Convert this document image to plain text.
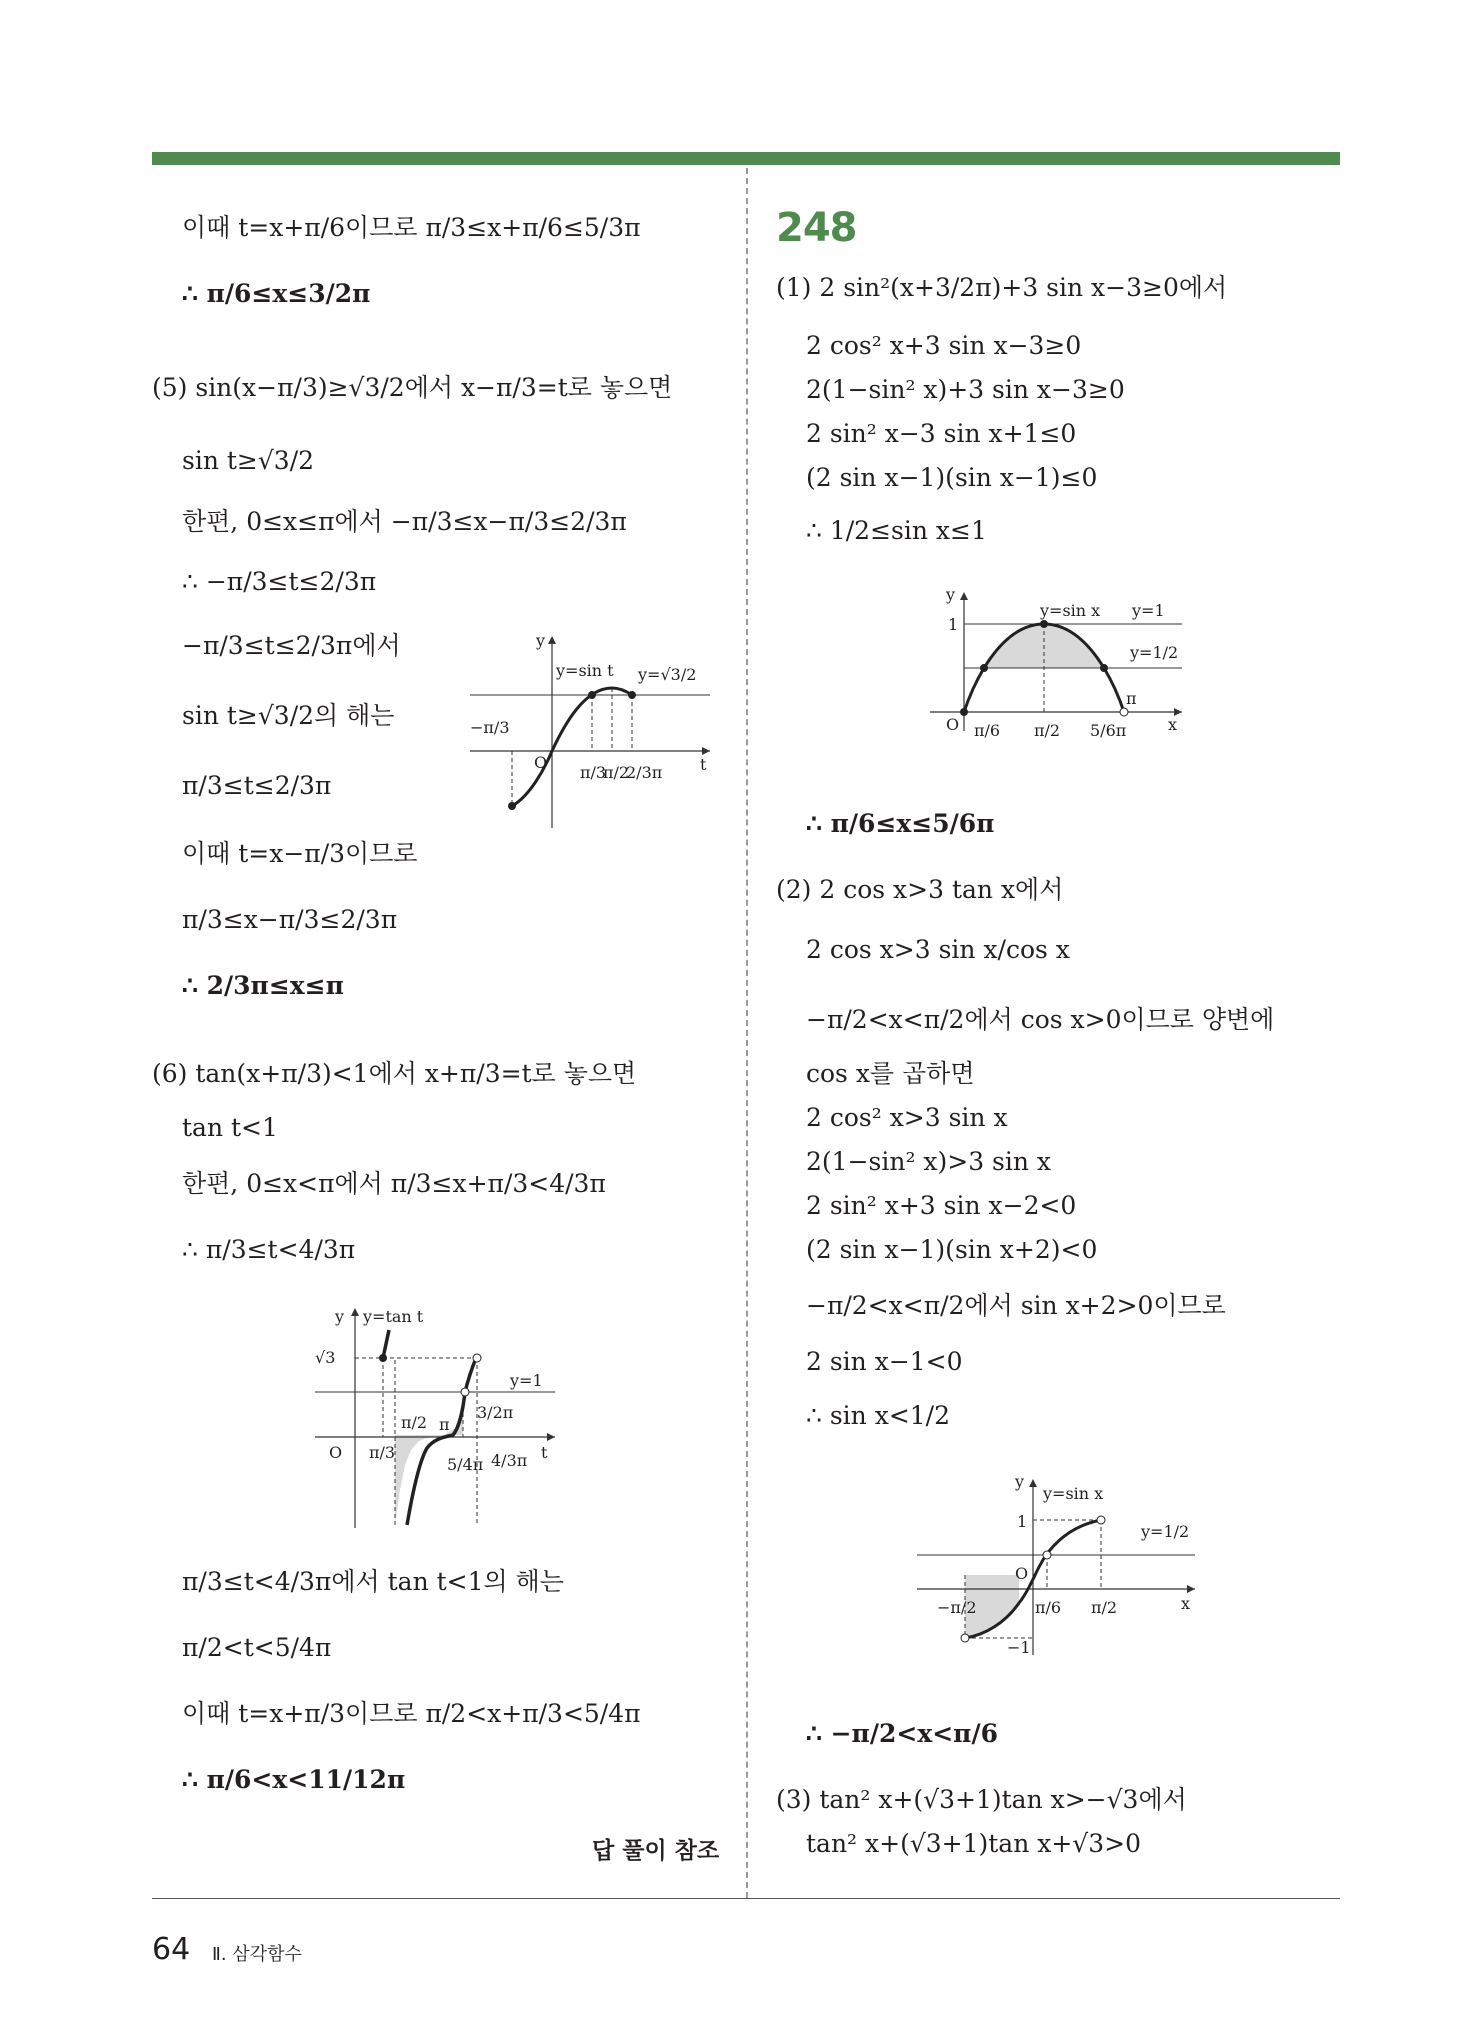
이때 t=x+π/6이므로 π/3≤x+π/6≤5/3π
∴ π/6≤x≤3/2π
(5) sin(x−π/3)≥√3/2에서 x−π/3=t로 놓으면
sin t≥√3/2
한편, 0≤x≤π에서 −π/3≤x−π/3≤2/3π
∴ −π/3≤t≤2/3π
−π/3≤t≤2/3π에서
sin t≥√3/2의 해는
π/3≤t≤2/3π
이때 t=x−π/3이므로
π/3≤x−π/3≤2/3π
∴ 2/3π≤x≤π
(6) tan(x+π/3)<1에서 x+π/3=t로 놓으면
tan t<1
한편, 0≤x<π에서 π/3≤x+π/3<4/3π
∴ π/3≤t<4/3π
π/3≤t<4/3π에서 tan t<1의 해는
π/2<t<5/4π
이때 t=x+π/3이므로 π/2<x+π/3<5/4π
∴ π/6<x<11/12π
답 풀이 참조
y
y=sin t y=√3/2
−π/3
O
π/3
π/2
2/3π t
y y=tan t
√3
y=1
π/2 π
3/2π
O π/3
5/4π 4/3π t
248
(1) 2 sin²(x+3/2π)+3 sin x−3≥0에서
2 cos² x+3 sin x−3≥0
2(1−sin² x)+3 sin x−3≥0
2 sin² x−3 sin x+1≤0
(2 sin x−1)(sin x−1)≤0
∴ 1/2≤sin x≤1
∴ π/6≤x≤5/6π
(2) 2 cos x>3 tan x에서
2 cos x>3 sin x/cos x
−π/2<x<π/2에서 cos x>0이므로 양변에
cos x를 곱하면
2 cos² x>3 sin x
2(1−sin² x)>3 sin x
2 sin² x+3 sin x−2<0
(2 sin x−1)(sin x+2)<0
−π/2<x<π/2에서 sin x+2>0이므로
2 sin x−1<0
∴ sin x<1/2
∴ −π/2<x<π/6
(3) tan² x+(√3+1)tan x>−√3에서
tan² x+(√3+1)tan x+√3>0
y
y=sin x y=1
1
y=1/2
π
O π/6 π/2 5/6π	x
y
y=sin x
1
y=1/2
O
−π/2	π/6 π/2	x
−1
64 Ⅱ. 삼각함수
